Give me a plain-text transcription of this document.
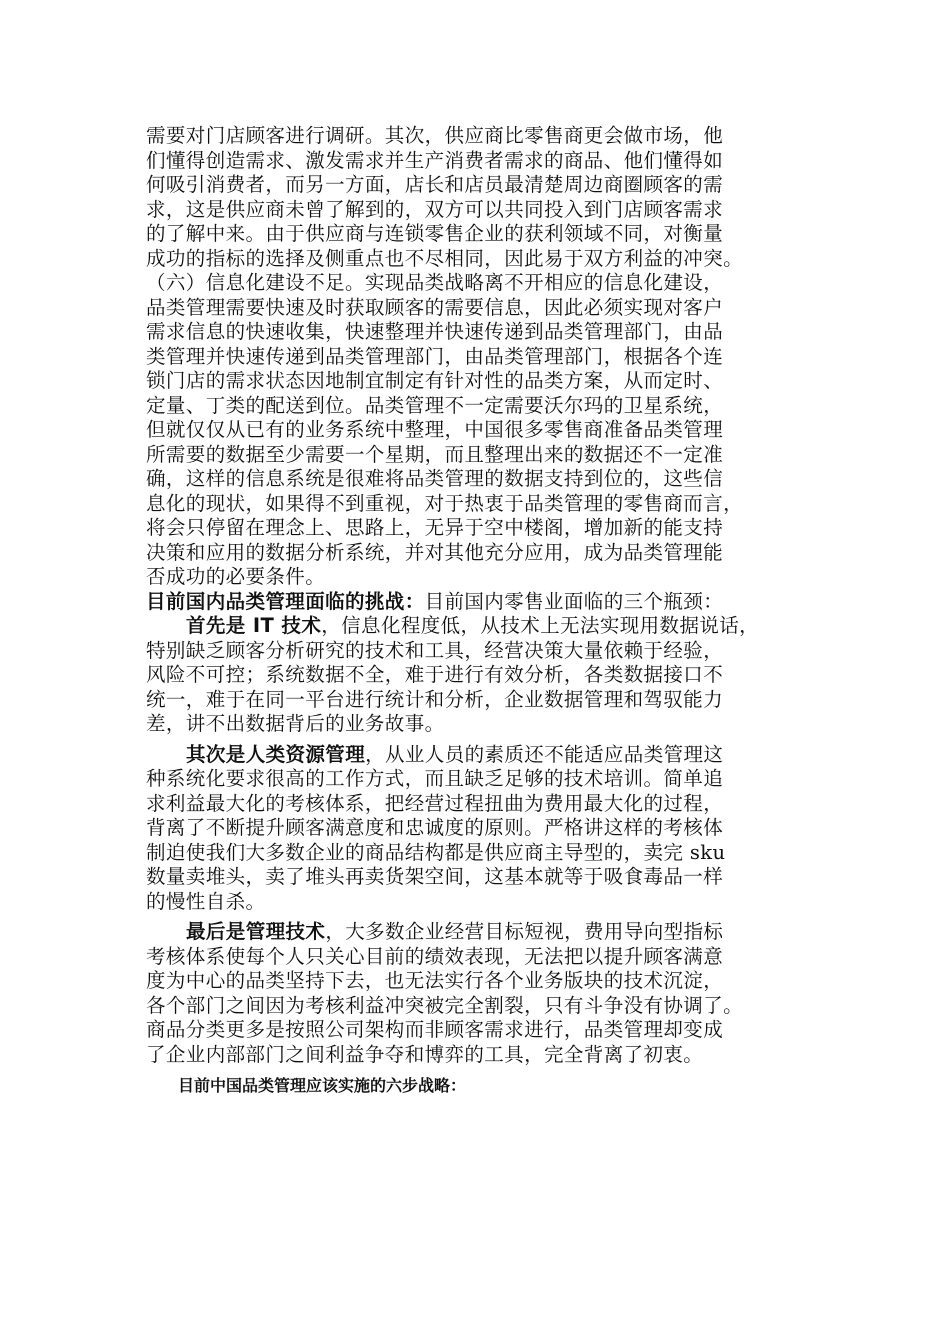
需要对门店顾客进行调研。其次，供应商比零售商更会做市场，他
们懂得创造需求、激发需求并生产消费者需求的商品、他们懂得如
何吸引消费者，而另一方面，店长和店员最清楚周边商圈顾客的需
求，这是供应商未曾了解到的，双方可以共同投入到门店顾客需求
的了解中来。由于供应商与连锁零售企业的获利领域不同，对衡量
成功的指标的选择及侧重点也不尽相同，因此易于双方利益的冲突。
（六）信息化建设不足。实现品类战略离不开相应的信息化建设，
品类管理需要快速及时获取顾客的需要信息，因此必须实现对客户
需求信息的快速收集，快速整理并快速传递到品类管理部门，由品
类管理并快速传递到品类管理部门，由品类管理部门，根据各个连
锁门店的需求状态因地制宜制定有针对性的品类方案，从而定时、
定量、丁类的配送到位。品类管理不一定需要沃尔玛的卫星系统，
但就仅仅从已有的业务系统中整理，中国很多零售商准备品类管理
所需要的数据至少需要一个星期，而且整理出来的数据还不一定准
确，这样的信息系统是很难将品类管理的数据支持到位的，这些信
息化的现状，如果得不到重视，对于热衷于品类管理的零售商而言，
将会只停留在理念上、思路上，无异于空中楼阁，增加新的能支持
决策和应用的数据分析系统，并对其他充分应用，成为品类管理能
否成功的必要条件。
目前国内品类管理面临的挑战：目前国内零售业面临的三个瓶颈：
首先是 IT 技术，信息化程度低，从技术上无法实现用数据说话，
特别缺乏顾客分析研究的技术和工具，经营决策大量依赖于经验，
风险不可控；系统数据不全，难于进行有效分析，各类数据接口不
统一，难于在同一平台进行统计和分析，企业数据管理和驾驭能力
差，讲不出数据背后的业务故事。
其次是人类资源管理，从业人员的素质还不能适应品类管理这
种系统化要求很高的工作方式，而且缺乏足够的技术培训。简单追
求利益最大化的考核体系，把经营过程扭曲为费用最大化的过程，
背离了不断提升顾客满意度和忠诚度的原则。严格讲这样的考核体
制迫使我们大多数企业的商品结构都是供应商主导型的，卖完 sku
数量卖堆头，卖了堆头再卖货架空间，这基本就等于吸食毒品一样
的慢性自杀。
最后是管理技术，大多数企业经营目标短视，费用导向型指标
考核体系使每个人只关心目前的绩效表现，无法把以提升顾客满意
度为中心的品类坚持下去，也无法实行各个业务版块的技术沉淀，
各个部门之间因为考核利益冲突被完全割裂，只有斗争没有协调了。
商品分类更多是按照公司架构而非顾客需求进行，品类管理却变成
了企业内部部门之间利益争夺和博弈的工具，完全背离了初衷。
目前中国品类管理应该实施的六步战略：
